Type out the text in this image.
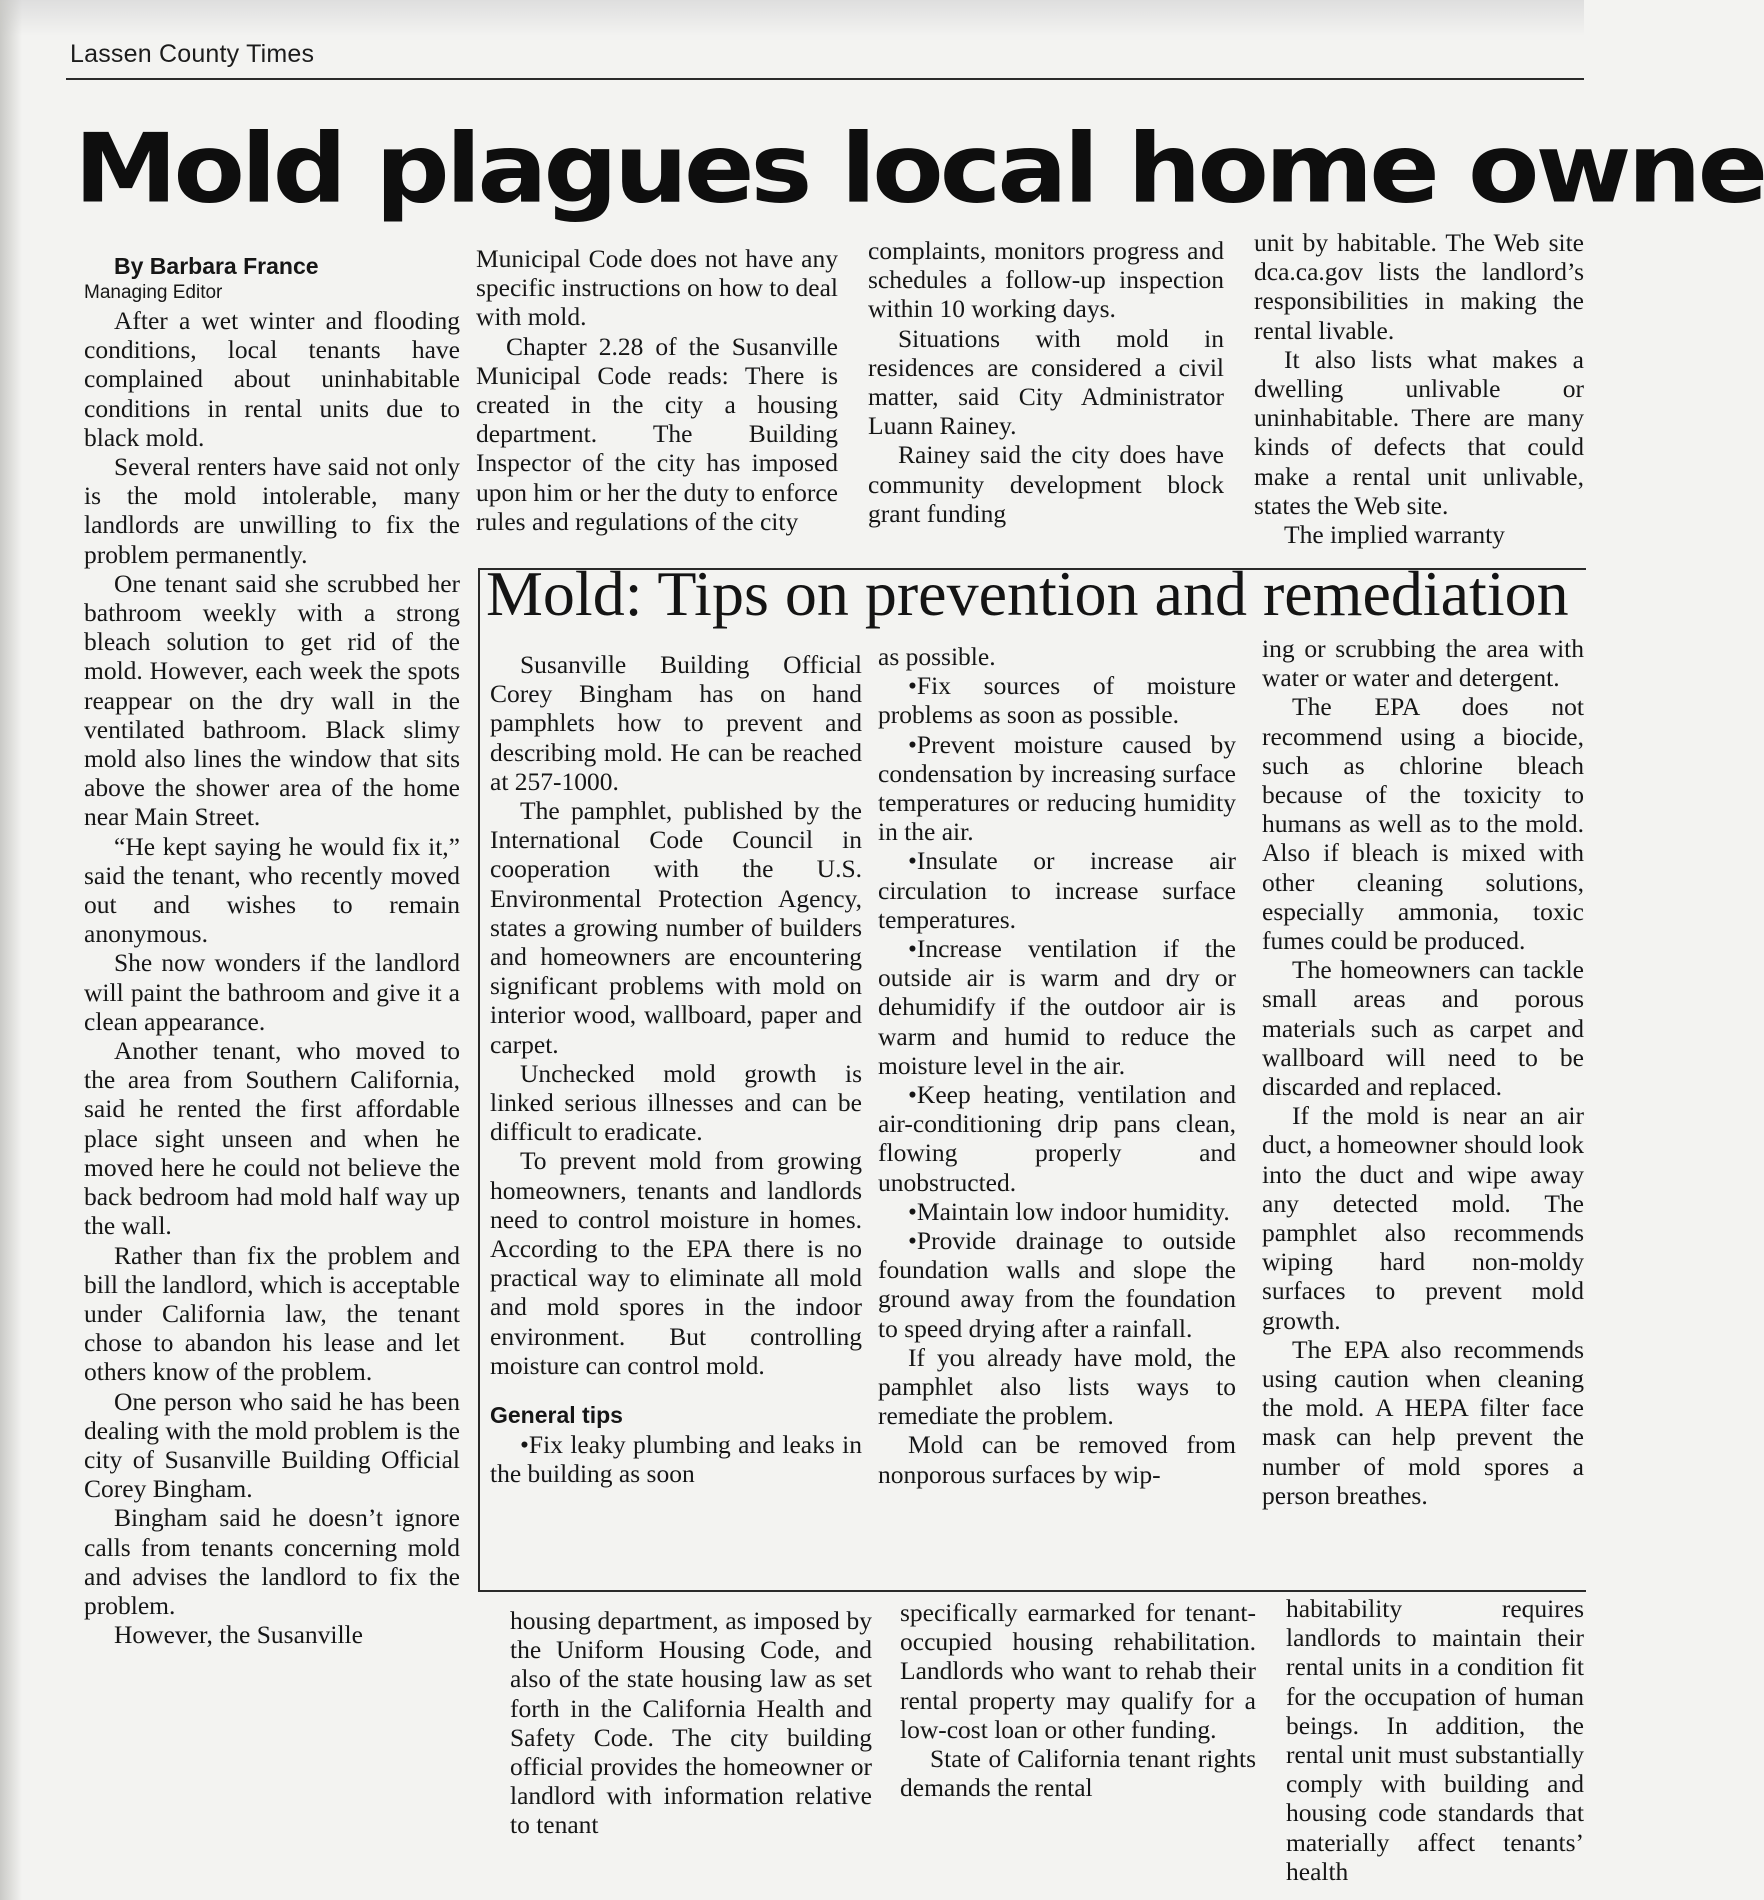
Lassen County Times
Mold plagues local home owne

By Barbara France

Managing Editor

After a wet winter and flooding conditions, local tenants have complained about uninhabitable conditions in rental units due to black mold.

Several renters have said not only is the mold intolerable, many landlords are unwilling to fix the problem permanently.

One tenant said she scrubbed her bathroom weekly with a strong bleach solution to get rid of the mold. However, each week the spots reappear on the dry wall in the ventilated bathroom. Black slimy mold also lines the window that sits above the shower area of the home near Main Street.

“He kept saying he would fix it,” said the tenant, who recently moved out and wishes to remain anonymous.

She now wonders if the landlord will paint the bathroom and give it a clean appearance.

Another tenant, who moved to the area from Southern California, said he rented the first affordable place sight unseen and when he moved here he could not believe the back bedroom had mold half way up the wall.

Rather than fix the problem and bill the landlord, which is acceptable under California law, the tenant chose to abandon his lease and let others know of the problem.

One person who said he has been dealing with the mold problem is the city of Susanville Building Official Corey Bingham.

Bingham said he doesn’t ignore calls from tenants concerning mold and advises the landlord to fix the problem.

However, the Susanville

Municipal Code does not have any specific instructions on how to deal with mold.

Chapter 2.28 of the Susanville Municipal Code reads: There is created in the city a housing department. The Building Inspector of the city has imposed upon him or her the duty to enforce rules and regulations of the city

complaints, monitors progress and schedules a follow-up inspection within 10 working days.

Situations with mold in residences are considered a civil matter, said City Administrator Luann Rainey.

Rainey said the city does have community development block grant funding

unit by habitable. The Web site dca.ca.gov lists the landlord’s responsibilities in making the rental livable.

It also lists what makes a dwelling unlivable or uninhabitable. There are many kinds of defects that could make a rental unit unlivable, states the Web site.

The implied warranty

Mold: Tips on prevention and remediation

Susanville Building Official Corey Bingham has on hand pamphlets how to prevent and describing mold. He can be reached at 257-1000.

The pamphlet, published by the International Code Council in cooperation with the U.S. Environmental Protection Agency, states a growing number of builders and homeowners are encountering significant problems with mold on interior wood, wallboard, paper and carpet.

Unchecked mold growth is linked serious illnesses and can be difficult to eradicate.

To prevent mold from growing homeowners, tenants and landlords need to control moisture in homes. According to the EPA there is no practical way to eliminate all mold and mold spores in the indoor environment. But controlling moisture can control mold.

General tips

•Fix leaky plumbing and leaks in the building as soon

as possible.

•Fix sources of moisture problems as soon as possible.

•Prevent moisture caused by condensation by increasing surface temperatures or reducing humidity in the air.

•Insulate or increase air circulation to increase surface temperatures.

•Increase ventilation if the outside air is warm and dry or dehumidify if the outdoor air is warm and humid to reduce the moisture level in the air.

•Keep heating, ventilation and air-conditioning drip pans clean, flowing properly and unobstructed.

•Maintain low indoor humidity.

•Provide drainage to outside foundation walls and slope the ground away from the foundation to speed drying after a rainfall.

If you already have mold, the pamphlet also lists ways to remediate the problem.

Mold can be removed from nonporous surfaces by wip-

ing or scrubbing the area with water or water and detergent.

The EPA does not recommend using a biocide, such as chlorine bleach because of the toxicity to humans as well as to the mold. Also if bleach is mixed with other cleaning solutions, especially ammonia, toxic fumes could be produced.

The homeowners can tackle small areas and porous materials such as carpet and wallboard will need to be discarded and replaced.

If the mold is near an air duct, a homeowner should look into the duct and wipe away any detected mold. The pamphlet also recommends wiping hard non-moldy surfaces to prevent mold growth.

The EPA also recommends using caution when cleaning the mold. A HEPA filter face mask can help prevent the number of mold spores a person breathes.

housing department, as imposed by the Uniform Housing Code, and also of the state housing law as set forth in the California Health and Safety Code. The city building official provides the homeowner or landlord with information relative to tenant

specifically earmarked for tenant-occupied housing rehabilitation. Landlords who want to rehab their rental property may qualify for a low-cost loan or other funding.

State of California tenant rights demands the rental

habitability requires landlords to maintain their rental units in a condition fit for the occupation of human beings. In addition, the rental unit must substantially comply with building and housing code standards that materially affect tenants’ health
